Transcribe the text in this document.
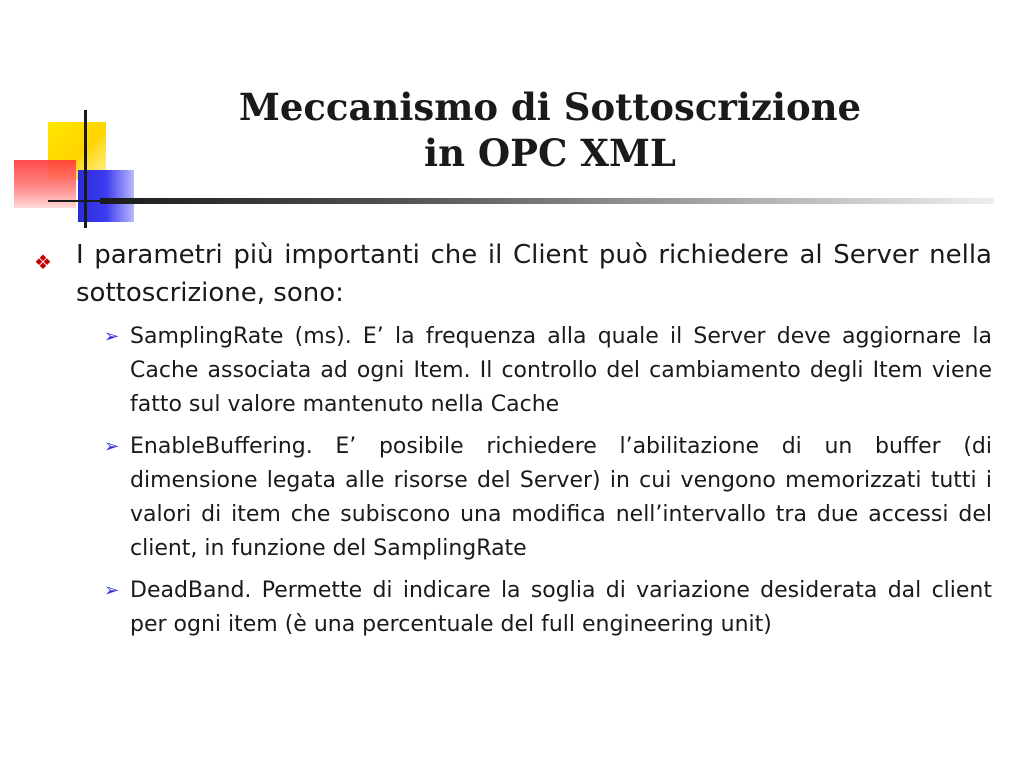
Meccanismo di Sottoscrizione
in OPC XML
❖ I parametri più importanti che il Client può richiedere al Server nella sottoscrizione, sono:
➢ SamplingRate (ms). E’ la frequenza alla quale il Server deve aggiornare la Cache associata ad ogni Item. Il controllo del cambiamento degli Item viene fatto sul valore mantenuto nella Cache
➢ EnableBuffering. E’ posibile richiedere l’abilitazione di un buffer (di dimensione legata alle risorse del Server) in cui vengono memorizzati tutti i valori di item che subiscono una modifica nell’intervallo tra due accessi del client, in funzione del SamplingRate
➢ DeadBand. Permette di indicare la soglia di variazione desiderata dal client per ogni item (è una percentuale del full engineering unit)
